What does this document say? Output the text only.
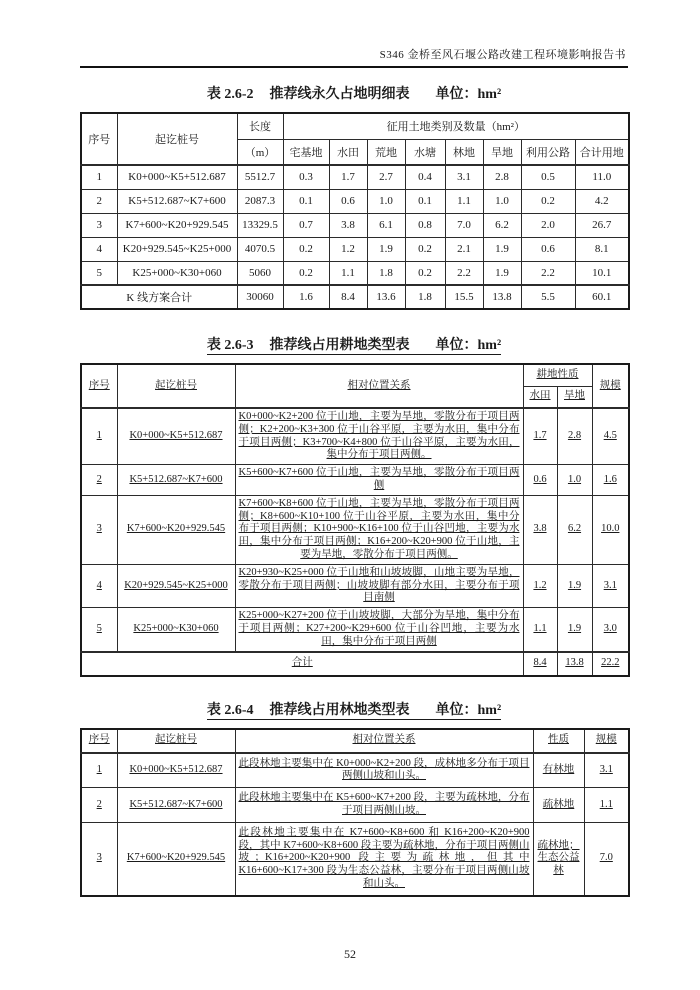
S346 金桥至风石堰公路改建工程环境影响报告书
表 2.6-2 推荐线永久占地明细表 单位：hm²
序号	起讫桩号	长度	征用土地类别及数量（hm²）							
		（m）	宅基地	水田	荒地	水塘	林地	旱地	利用公路	合计用地
1	K0+000~K5+512.687	5512.7	0.3	1.7	2.7	0.4	3.1	2.8	0.5	11.0
2	K5+512.687~K7+600	2087.3	0.1	0.6	1.0	0.1	1.1	1.0	0.2	4.2
3	K7+600~K20+929.545	13329.5	0.7	3.8	6.1	0.8	7.0	6.2	2.0	26.7
4	K20+929.545~K25+000	4070.5	0.2	1.2	1.9	0.2	2.1	1.9	0.6	8.1
5	K25+000~K30+060	5060	0.2	1.1	1.8	0.2	2.2	1.9	2.2	10.1
K 线方案合计		30060	1.6	8.4	13.6	1.8	15.5	13.8	5.5	60.1
表 2.6-3 推荐线占用耕地类型表 单位：hm²
序号	起讫桩号	相对位置关系	耕地性质		规模
			水田	旱地	
1	K0+000~K5+512.687	K0+000~K2+200 位于山地，主要为旱地，零散分布于项目两侧；K2+200~K3+300 位于山谷平原，主要为水田，集中分布于项目两侧；K3+700~K4+800 位于山谷平原，主要为水田，集中分布于项目两侧。	1.7	2.8	4.5
2	K5+512.687~K7+600	K5+600~K7+600 位于山地，主要为旱地，零散分布于项目两侧	0.6	1.0	1.6
3	K7+600~K20+929.545	K7+600~K8+600 位于山地，主要为旱地，零散分布于项目两侧；K8+600~K10+100 位于山谷平原，主要为水田，集中分布于项目两侧；K10+900~K16+100 位于山谷凹地，主要为水田，集中分布于项目两侧；K16+200~K20+900 位于山地，主要为旱地，零散分布于项目两侧。	3.8	6.2	10.0
4	K20+929.545~K25+000	K20+930~K25+000 位于山地和山坡坡脚，山地主要为旱地，零散分布于项目两侧；山坡坡脚有部分水田，主要分布于项目南侧	1.2	1.9	3.1
5	K25+000~K30+060	K25+000~K27+200 位于山坡坡脚，大部分为旱地，集中分布于项目两侧；K27+200~K29+600 位于山谷凹地，主要为水田，集中分布于项目两侧	1.1	1.9	3.0
合计			8.4	13.8	22.2
表 2.6-4 推荐线占用林地类型表 单位：hm²
序号	起讫桩号	相对位置关系	性质	规模
1	K0+000~K5+512.687	此段林地主要集中在 K0+000~K2+200 段，成林地多分布于项目两侧山坡和山头。	有林地	3.1
2	K5+512.687~K7+600	此段林地主要集中在 K5+600~K7+200 段，主要为疏林地，分布于项目两侧山坡。	疏林地	1.1
3	K7+600~K20+929.545	此段林地主要集中在 K7+600~K8+600 和 K16+200~K20+900 段，其中 K7+600~K8+600 段主要为疏林地，分布于项目两侧山坡；K16+200~K20+900 段主要为疏林地，但其中 K16+600~K17+300 段为生态公益林，主要分布于项目两侧山坡和山头。	疏林地；生态公益林	7.0
52
